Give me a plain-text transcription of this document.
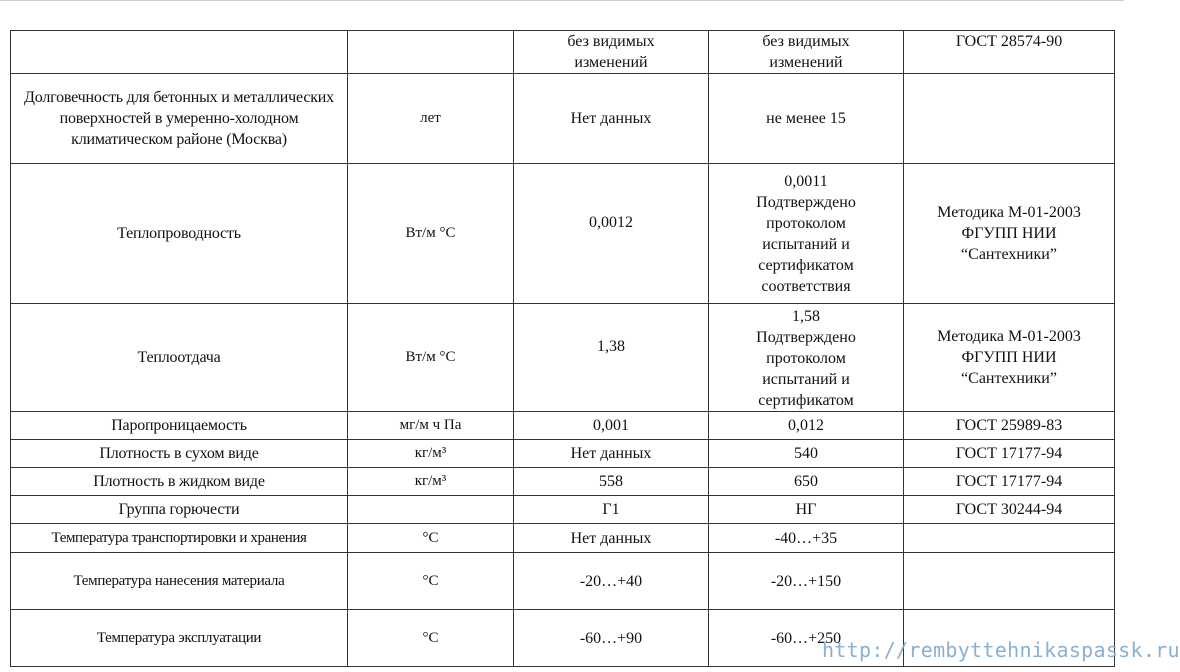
		без видимых изменений	без видимых изменений	ГОСТ 28574-90

Долговечность для бетонных и металлических поверхностей в умеренно-холодном климатическом районе (Москва)	лет	Нет данных	не менее 15	

Теплопроводность	Вт/м °С	0,0012	0,0011 Подтверждено протоколом испытаний и сертификатом соответствия	Методика М-01-2003 ФГУПП НИИ “Сантехники”

Теплоотдача	Вт/м °С	1,38	1,58 Подтверждено протоколом испытаний и сертификатом	Методика М-01-2003 ФГУПП НИИ “Сантехники”

Паропроницаемость	мг/м ч Па	0,001	0,012	ГОСТ 25989-83

Плотность в сухом виде	кг/м³	Нет данных	540	ГОСТ 17177-94

Плотность в жидком виде	кг/м³	558	650	ГОСТ 17177-94

Группа горючести		Г1	НГ	ГОСТ 30244-94

Температура транспортировки и хранения	°С	Нет данных	-40…+35	

Температура нанесения материала	°С	-20…+40	-20…+150	

Температура эксплуатации	°С	-60…+90	-60…+250	

http://rembyttehnikaspassk.ru
